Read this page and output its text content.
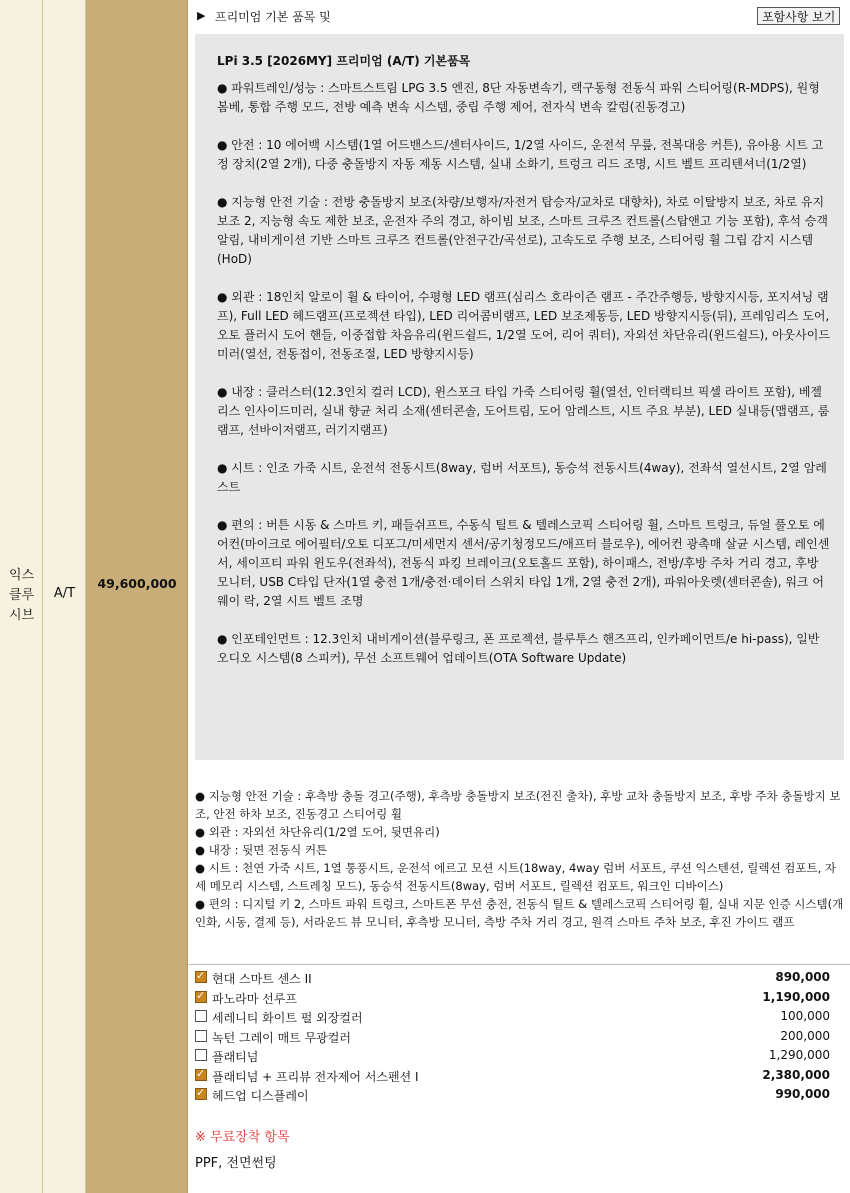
익스
클루
시브
A/T
49,600,000
▶ 프리미엄 기본 품목 및	포함사항 보기
LPi 3.5 [2026MY] 프리미엄 (A/T) 기본품목
● 파워트레인/성능 : 스마트스트림 LPG 3.5 엔진, 8단 자동변속기, 랙구동형 전동식 파워 스티어링(R-MDPS), 원형봄베, 통합 주행 모드, 전방 예측 변속 시스템, 중립 주행 제어, 전자식 변속 칼럼(진동경고)
● 안전 : 10 에어백 시스템(1열 어드밴스드/센터사이드, 1/2열 사이드, 운전석 무릎, 전복대응 커튼), 유아용 시트 고정 장치(2열 2개), 다중 충돌방지 자동 제동 시스템, 실내 소화기, 트렁크 리드 조명, 시트 벨트 프리텐셔너(1/2열)
● 지능형 안전 기술 : 전방 충돌방지 보조(차량/보행자/자전거 탑승자/교차로 대향차), 차로 이탈방지 보조, 차로 유지 보조 2, 지능형 속도 제한 보조, 운전자 주의 경고, 하이빔 보조, 스마트 크루즈 컨트롤(스탑앤고 기능 포함), 후석 승객 알림, 내비게이션 기반 스마트 크루즈 컨트롤(안전구간/곡선로), 고속도로 주행 보조, 스티어링 휠 그립 감지 시스템(HoD)
● 외관 : 18인치 알로이 휠 & 타이어, 수평형 LED 램프(심리스 호라이즌 램프 - 주간주행등, 방향지시등, 포지셔닝 램프), Full LED 헤드램프(프로젝션 타입), LED 리어콤비램프, LED 보조제동등, LED 방향지시등(뒤), 프레임리스 도어, 오토 플러시 도어 핸들, 이중접합 차음유리(윈드쉴드, 1/2열 도어, 리어 쿼터), 자외선 차단유리(윈드쉴드), 아웃사이드미러(열선, 전동접이, 전동조절, LED 방향지시등)
● 내장 : 클러스터(12.3인치 컬러 LCD), 윈스포크 타입 가죽 스티어링 휠(열선, 인터랙티브 픽셀 라이트 포함), 베젤리스 인사이드미러, 실내 향균 처리 소재(센터콘솔, 도어트림, 도어 암레스트, 시트 주요 부분), LED 실내등(맵램프, 룸램프, 선바이저램프, 러기지램프)
● 시트 : 인조 가죽 시트, 운전석 전동시트(8way, 럼버 서포트), 동승석 전동시트(4way), 전좌석 열선시트, 2열 암레스트
● 편의 : 버튼 시동 & 스마트 키, 패들쉬프트, 수동식 틸트 & 텔레스코픽 스티어링 휠, 스마트 트렁크, 듀얼 풀오토 에어컨(마이크로 에어필터/오토 디포그/미세먼지 센서/공기청정모드/애프터 블로우), 에어컨 광촉매 살균 시스템, 레인센서, 세이프티 파워 윈도우(전좌석), 전동식 파킹 브레이크(오토홀드 포함), 하이패스, 전방/후방 주차 거리 경고, 후방 모니터, USB C타입 단자(1열 충전 1개/충전·데이터 스위치 타입 1개, 2열 충전 2개), 파워아웃렛(센터콘솔), 워크 어웨이 락, 2열 시트 벨트 조명
● 인포테인먼트 : 12.3인치 내비게이션(블루링크, 폰 프로젝션, 블루투스 핸즈프리, 인카페이먼트/e hi-pass), 일반 오디오 시스템(8 스피커), 무선 소프트웨어 업데이트(OTA Software Update)
● 지능형 안전 기술 : 후측방 충돌 경고(주행), 후측방 충돌방지 보조(전진 출차), 후방 교차 충돌방지 보조, 후방 주차 충돌방지 보조, 안전 하차 보조, 진동경고 스티어링 휠
● 외관 : 자외선 차단유리(1/2열 도어, 뒷면유리)
● 내장 : 뒷면 전동식 커튼
● 시트 : 천연 가죽 시트, 1열 통풍시트, 운전석 에르고 모션 시트(18way, 4way 럼버 서포트, 쿠션 익스텐션, 릴렉션 컴포트, 자세 메모리 시스템, 스트레칭 모드), 동승석 전동시트(8way, 럼버 서포트, 릴렉션 컴포트, 워크인 디바이스)
● 편의 : 디지털 키 2, 스마트 파워 트렁크, 스마트폰 무선 충전, 전동식 틸트 & 텔레스코픽 스티어링 휠, 실내 지문 인증 시스템(개인화, 시동, 결제 등), 서라운드 뷰 모니터, 후측방 모니터, 측방 주차 거리 경고, 원격 스마트 주차 보조, 후진 가이드 램프
✓
현대 스마트 센스 II	890,000
✓
파노라마 선루프	1,190,000
세레니티 화이트 펄 외장컬러	100,000
녹턴 그레이 매트 무광컬러	200,000
플래티넘	1,290,000
✓
플래티넘 + 프리뷰 전자제어 서스펜션 I	2,380,000
✓
헤드업 디스플레이	990,000
※ 무료장착 항목
PPF, 전면썬팅
